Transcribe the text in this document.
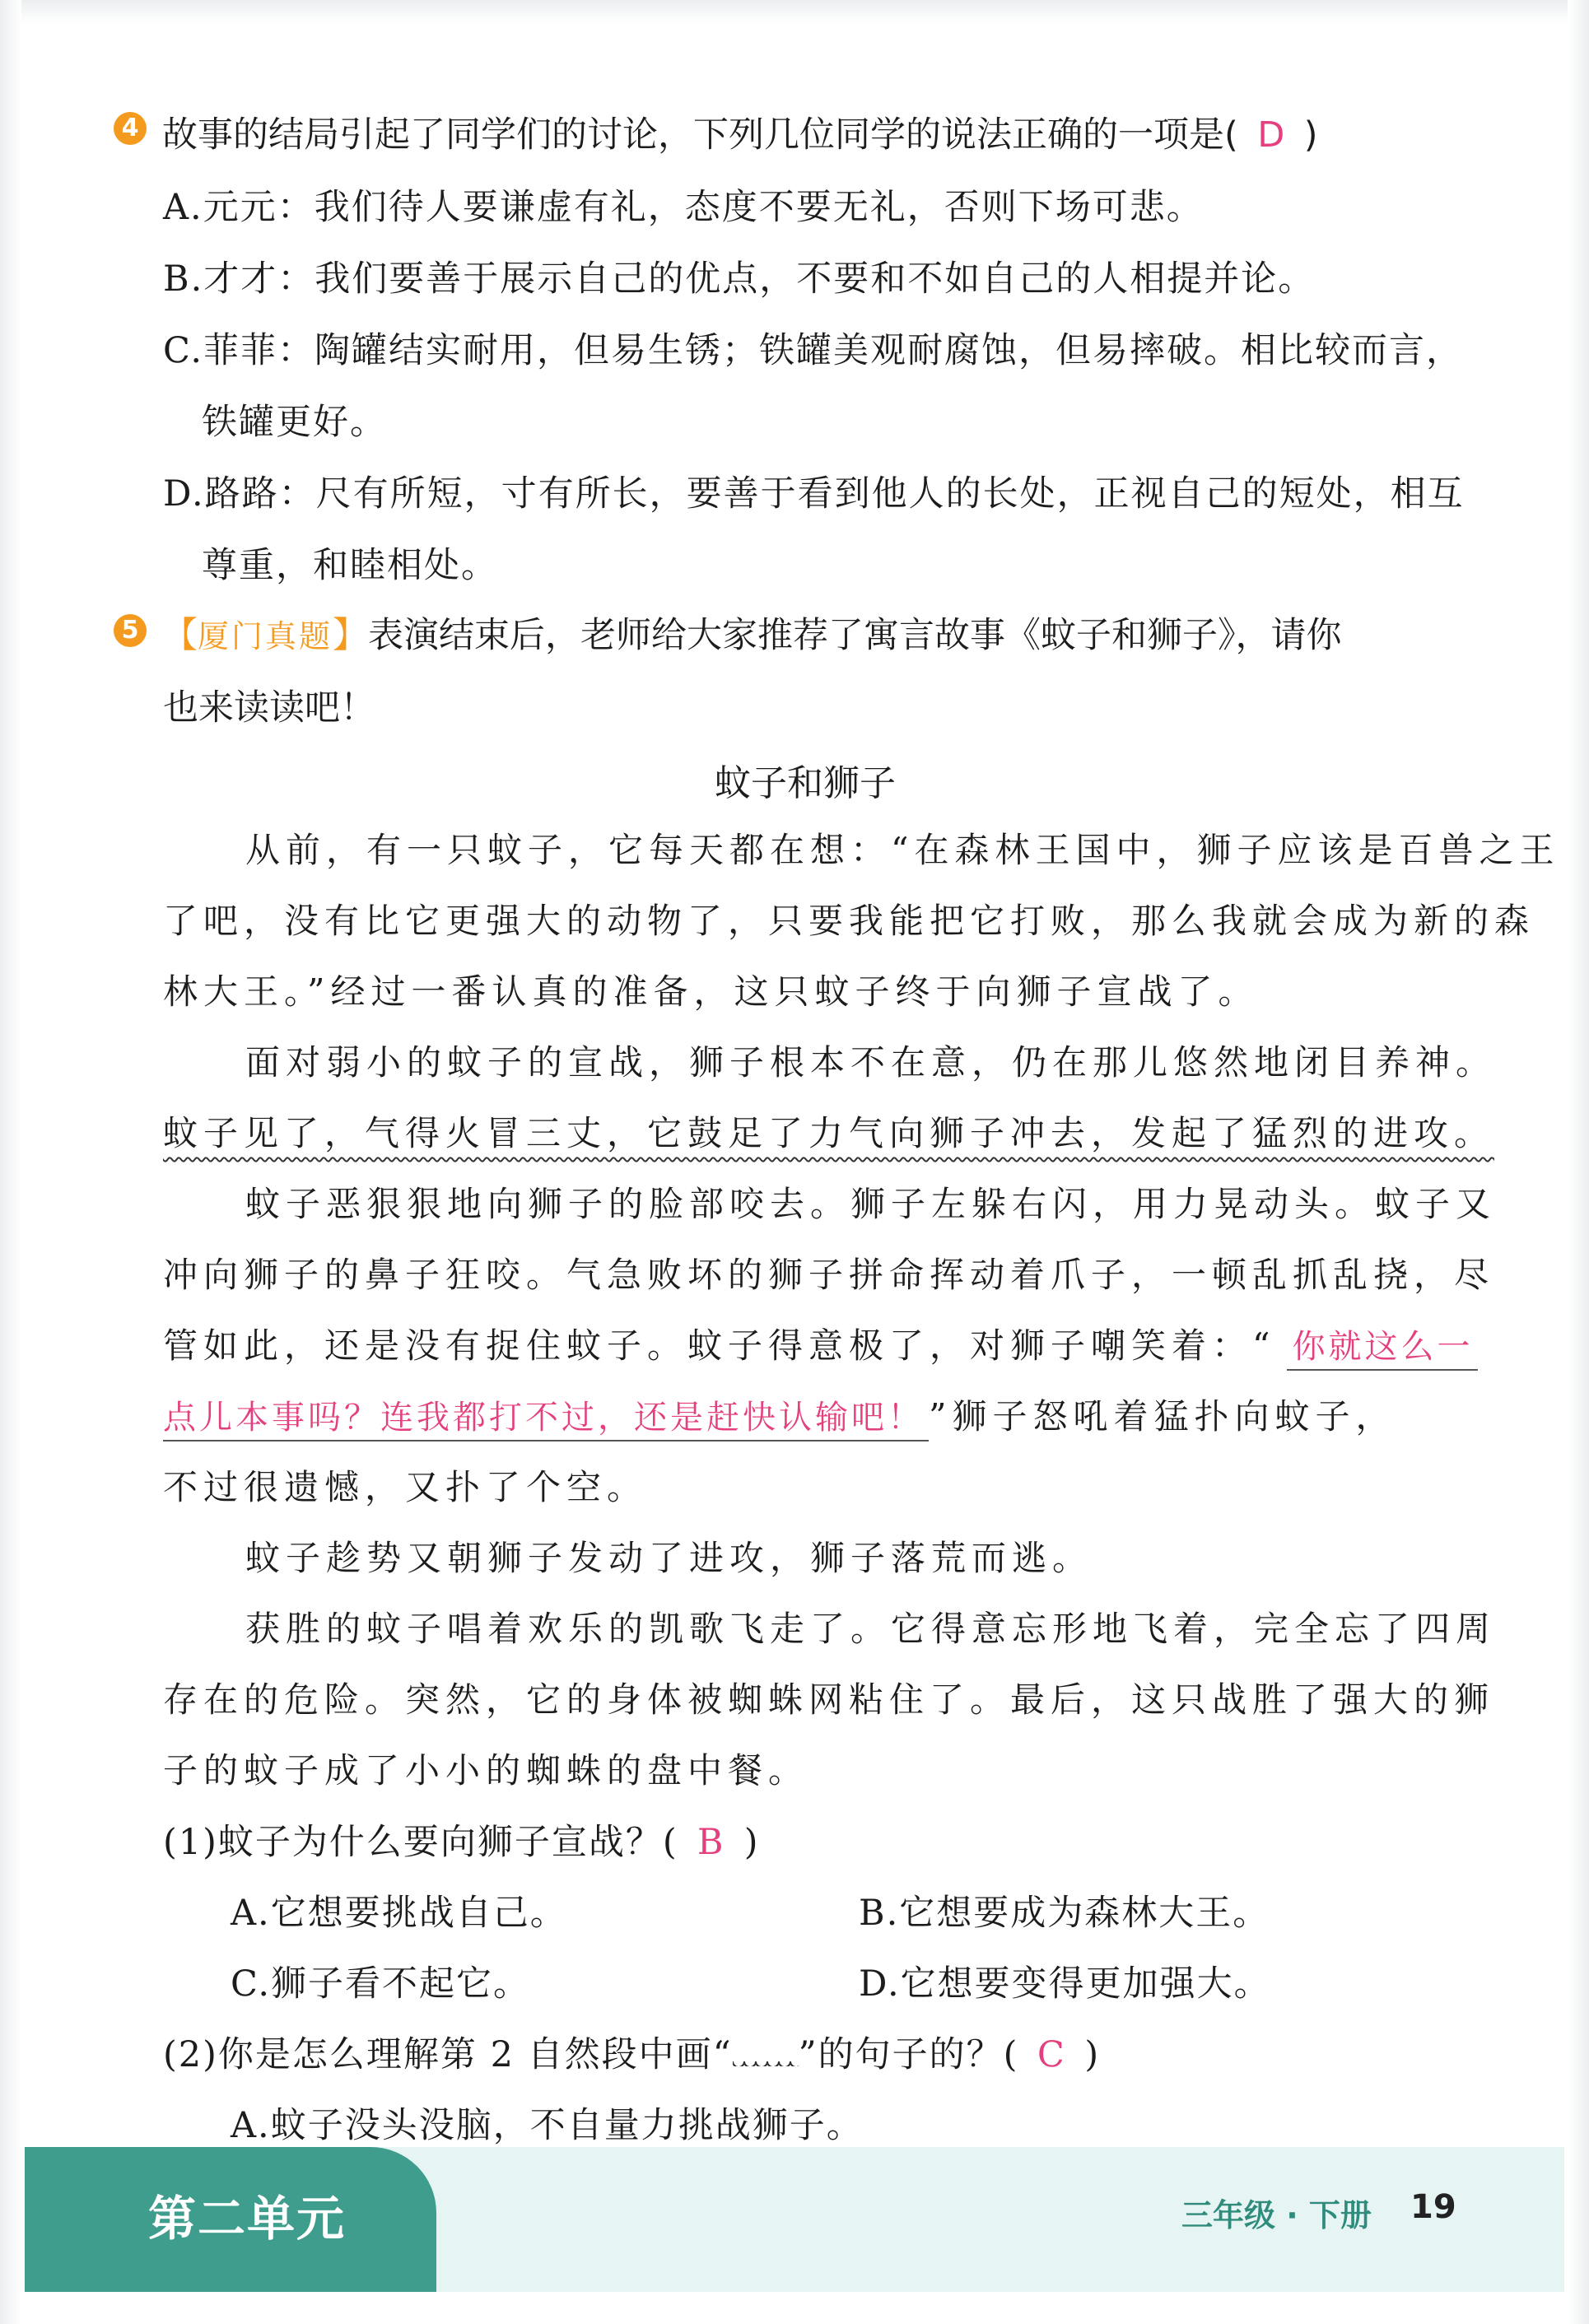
4 故事的结局引起了同学们的讨论，下列几位同学的说法正确的一项是( D )
A.元元：我们待人要谦虚有礼，态度不要无礼，否则下场可悲。
B.才才：我们要善于展示自己的优点，不要和不如自己的人相提并论。
C.菲菲：陶罐结实耐用，但易生锈；铁罐美观耐腐蚀，但易摔破。相比较而言，
铁罐更好。
D.路路：尺有所短，寸有所长，要善于看到他人的长处，正视自己的短处，相互
尊重，和睦相处。
5 【厦门真题】表演结束后，老师给大家推荐了寓言故事《蚊子和狮子》，请你
也来读读吧！
蚊子和狮子
从前，有一只蚊子，它每天都在想：“在森林王国中，狮子应该是百兽之王
了吧，没有比它更强大的动物了，只要我能把它打败，那么我就会成为新的森
林大王。”经过一番认真的准备，这只蚊子终于向狮子宣战了。
面对弱小的蚊子的宣战，狮子根本不在意，仍在那儿悠然地闭目养神。
蚊子见了，气得火冒三丈，它鼓足了力气向狮子冲去，发起了猛烈的进攻。
蚊子恶狠狠地向狮子的脸部咬去。狮子左躲右闪，用力晃动头。蚊子又
冲向狮子的鼻子狂咬。气急败坏的狮子拼命挥动着爪子，一顿乱抓乱挠，尽
管如此，还是没有捉住蚊子。蚊子得意极了，对狮子嘲笑着：“ 你就这么一
点儿本事吗？连我都打不过，还是赶快认输吧！ ”狮子怒吼着猛扑向蚊子，
不过很遗憾，又扑了个空。
蚊子趁势又朝狮子发动了进攻，狮子落荒而逃。
获胜的蚊子唱着欢乐的凯歌飞走了。它得意忘形地飞着，完全忘了四周
存在的危险。突然，它的身体被蜘蛛网粘住了。最后，这只战胜了强大的狮
子的蚊子成了小小的蜘蛛的盘中餐。
(1)蚊子为什么要向狮子宣战？( B )
A.它想要挑战自己。	B.它想要成为森林大王。
C.狮子看不起它。	D.它想要变得更加强大。
(2)你是怎么理解第 2 自然段中画“ ”的句子的？( C )
A.蚊子没头没脑，不自量力挑战狮子。
第二单元	三年级 · 下册 19
